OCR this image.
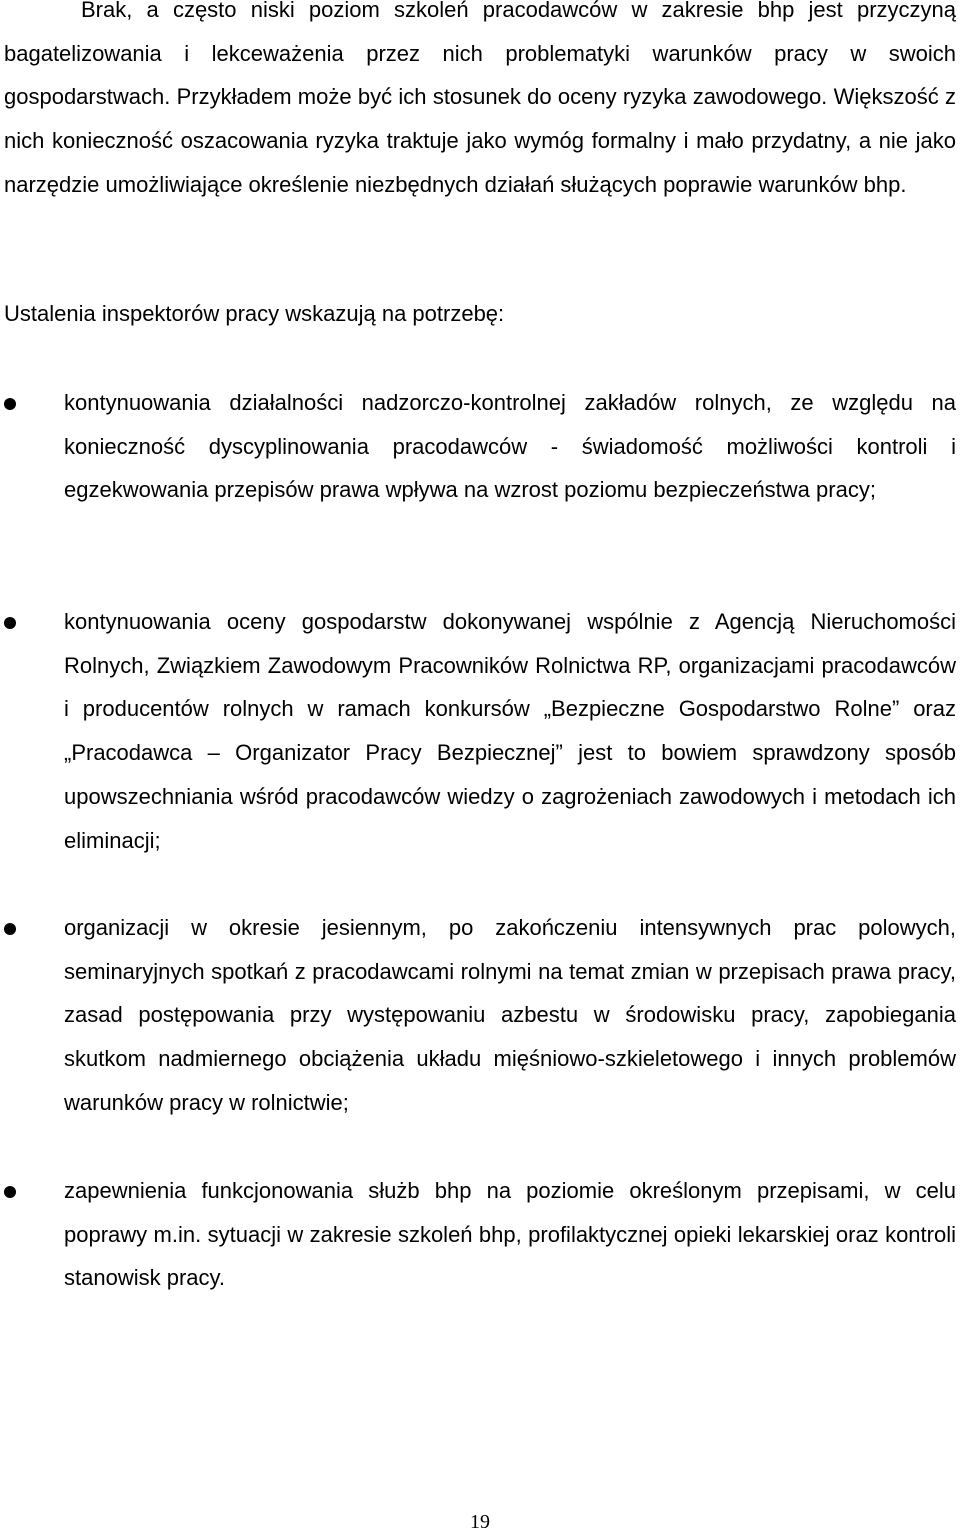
Brak, a często niski poziom szkoleń pracodawców w zakresie bhp jest przyczyną bagatelizowania i lekceważenia przez nich problematyki warunków pracy w swoich gospodarstwach. Przykładem może być ich stosunek do oceny ryzyka zawodowego. Większość z nich konieczność oszacowania ryzyka traktuje jako wymóg formalny i mało przydatny, a nie jako narzędzie umożliwiające określenie niezbędnych działań służących poprawie warunków bhp.

Ustalenia inspektorów pracy wskazują na potrzebę:

kontynuowania działalności nadzorczo-kontrolnej zakładów rolnych, ze względu na konieczność dyscyplinowania pracodawców - świadomość możliwości kontroli i egzekwowania przepisów prawa wpływa na wzrost poziomu bezpieczeństwa pracy;

kontynuowania oceny gospodarstw dokonywanej wspólnie z Agencją Nieruchomości Rolnych, Związkiem Zawodowym Pracowników Rolnictwa RP, organizacjami pracodawców i producentów rolnych w ramach konkursów „Bezpieczne Gospodarstwo Rolne” oraz „Pracodawca – Organizator Pracy Bezpiecznej” jest to bowiem sprawdzony sposób upowszechniania wśród pracodawców wiedzy o zagrożeniach zawodowych i metodach ich eliminacji;

organizacji w okresie jesiennym, po zakończeniu intensywnych prac polowych, seminaryjnych spotkań z pracodawcami rolnymi na temat zmian w przepisach prawa pracy, zasad postępowania przy występowaniu azbestu w środowisku pracy, zapobiegania skutkom nadmiernego obciążenia układu mięśniowo-szkieletowego i innych problemów warunków pracy w rolnictwie;

zapewnienia funkcjonowania służb bhp na poziomie określonym przepisami, w celu poprawy m.in. sytuacji w zakresie szkoleń bhp, profilaktycznej opieki lekarskiej oraz kontroli stanowisk pracy.

19
